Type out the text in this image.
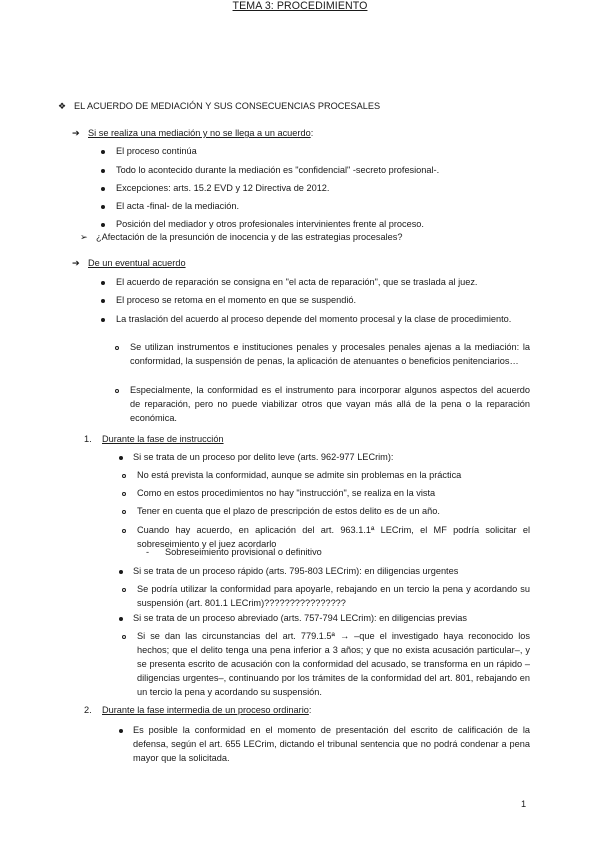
TEMA 3: PROCEDIMIENTO
❖ EL ACUERDO DE MEDIACIÓN Y SUS CONSECUENCIAS PROCESALES
➔ Si se realiza una mediación y no se llega a un acuerdo:
El proceso continúa
Todo lo acontecido durante la mediación es "confidencial" -secreto profesional-.
Excepciones: arts. 15.2 EVD y 12 Directiva de 2012.
El acta -final- de la mediación.
Posición del mediador y otros profesionales intervinientes frente al proceso.
➢ ¿Afectación de la presunción de inocencia y de las estrategias procesales?
➔ De un eventual acuerdo
El acuerdo de reparación se consigna en "el acta de reparación", que se traslada al juez.
El proceso se retoma en el momento en que se suspendió.
La traslación del acuerdo al proceso depende del momento procesal y la clase de procedimiento.
Se utilizan instrumentos e instituciones penales y procesales penales ajenas a la mediación: la conformidad, la suspensión de penas, la aplicación de atenuantes o beneficios penitenciarios…
Especialmente, la conformidad es el instrumento para incorporar algunos aspectos del acuerdo de reparación, pero no puede viabilizar otros que vayan más allá de la pena o la reparación económica.
1. Durante la fase de instrucción
Si se trata de un proceso por delito leve (arts. 962-977 LECrim):
No está prevista la conformidad, aunque se admite sin problemas en la práctica
Como en estos procedimientos no hay "instrucción", se realiza en la vista
Tener en cuenta que el plazo de prescripción de estos delito es de un año.
Cuando hay acuerdo, en aplicación del art. 963.1.1ª LECrim, el MF podría solicitar el sobreseimiento y el juez acordarlo
- Sobreseimiento provisional o definitivo
Si se trata de un proceso rápido (arts. 795-803 LECrim): en diligencias urgentes
Se podría utilizar la conformidad para apoyarle, rebajando en un tercio la pena y acordando su suspensión (art. 801.1 LECrim)????????????????
Si se trata de un proceso abreviado (arts. 757-794 LECrim): en diligencias previas
Si se dan las circunstancias del art. 779.1.5ª → –que el investigado haya reconocido los hechos; que el delito tenga una pena inferior a 3 años; y que no exista acusación particular–, y se presenta escrito de acusación con la conformidad del acusado, se transforma en un rápido –diligencias urgentes–, continuando por los trámites de la conformidad del art. 801, rebajando en un tercio la pena y acordando su suspensión.
2. Durante la fase intermedia de un proceso ordinario:
Es posible la conformidad en el momento de presentación del escrito de calificación de la defensa, según el art. 655 LECrim, dictando el tribunal sentencia que no podrá condenar a pena mayor que la solicitada.
1
